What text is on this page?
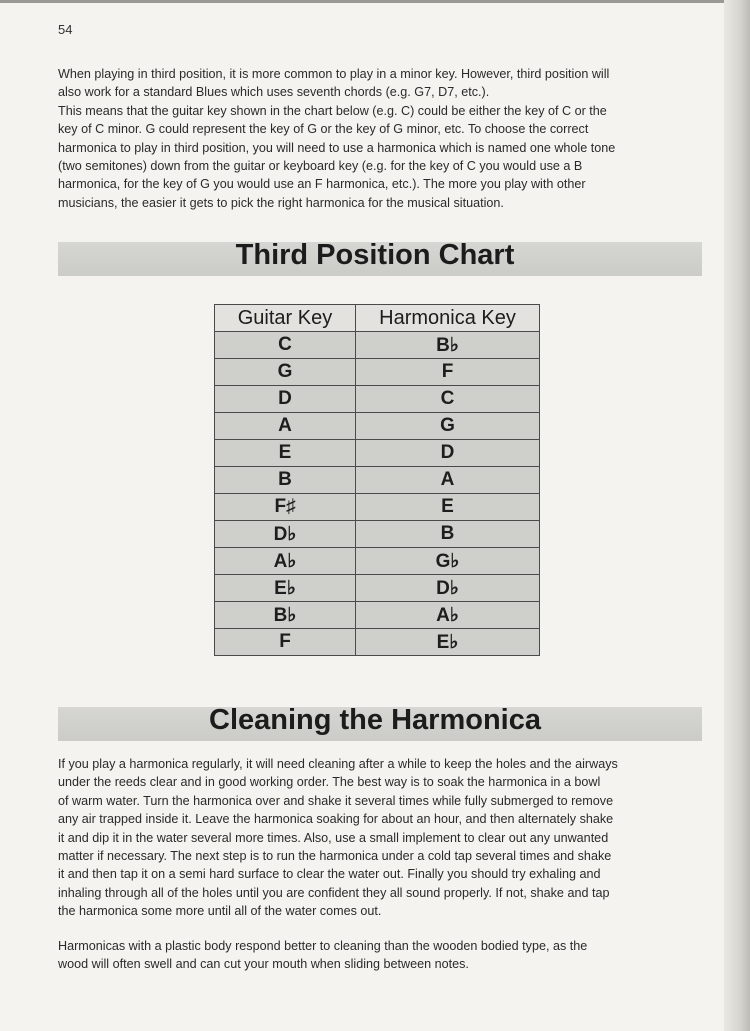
54
When playing in third position, it is more common to play in a minor key. However, third position will
also work for a standard Blues which uses seventh chords (e.g. G7, D7, etc.).
This means that the guitar key shown in the chart below (e.g. C) could be either the key of C or the
key of C minor. G could represent the key of G or the key of G minor, etc. To choose the correct
harmonica to play in third position, you will need to use a harmonica which is named one whole tone
(two semitones) down from the guitar or keyboard key (e.g. for the key of C you would use a B
harmonica, for the key of G you would use an F harmonica, etc.). The more you play with other
musicians, the easier it gets to pick the right harmonica for the musical situation.
Third Position Chart
Guitar Key	Harmonica Key
C	B♭
G	F
D	C
A	G
E	D
B	A
F♯	E
D♭	B
A♭	G♭
E♭	D♭
B♭	A♭
F	E♭
Cleaning the Harmonica
If you play a harmonica regularly, it will need cleaning after a while to keep the holes and the airways
under the reeds clear and in good working order. The best way is to soak the harmonica in a bowl
of warm water. Turn the harmonica over and shake it several times while fully submerged to remove
any air trapped inside it. Leave the harmonica soaking for about an hour, and then alternately shake
it and dip it in the water several more times. Also, use a small implement to clear out any unwanted
matter if necessary. The next step is to run the harmonica under a cold tap several times and shake
it and then tap it on a semi hard surface to clear the water out. Finally you should try exhaling and
inhaling through all of the holes until you are confident they all sound properly. If not, shake and tap
the harmonica some more until all of the water comes out.
Harmonicas with a plastic body respond better to cleaning than the wooden bodied type, as the
wood will often swell and can cut your mouth when sliding between notes.
